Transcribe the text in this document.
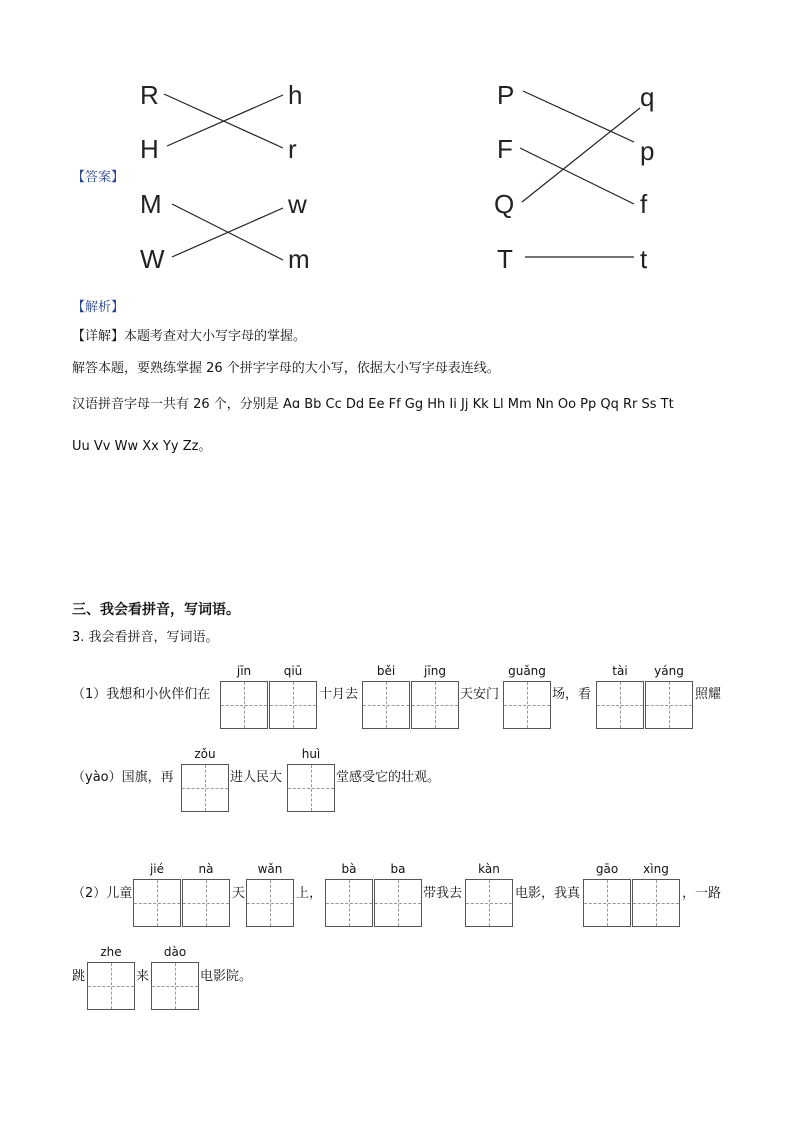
R
H
M
W
h
r
w
m
P
F
Q
T
q
p
f
t
【答案】
【解析】
【详解】本题考查对大小写字母的掌握。
解答本题，要熟练掌握 26 个拼字字母的大小写，依据大小写字母表连线。
汉语拼音字母一共有 26 个，分别是 Aɑ Bb Cc Dd Ee Ff Gg Hh Ii Jj Kk Ll Mm Nn Oo Pp Qq Rr Ss Tt
Uu Vv Ww Xx Yy Zz。
三、我会看拼音，写词语。
3. 我会看拼音，写词语。
（1）我想和小伙伴们在
jīn	qiū
十月去
běi	jīng
天安门
guǎng
场，看
tài	yáng
照耀
（yào）国旗，再
zǒu
进人民大
huì
堂感受它的壮观。
（2）儿童
jié	nà
天
wǎn
上，
bà	ba
带我去
kàn
电影，我真
gāo	xìng
，一路
跳
zhe
来
dào
电影院。
